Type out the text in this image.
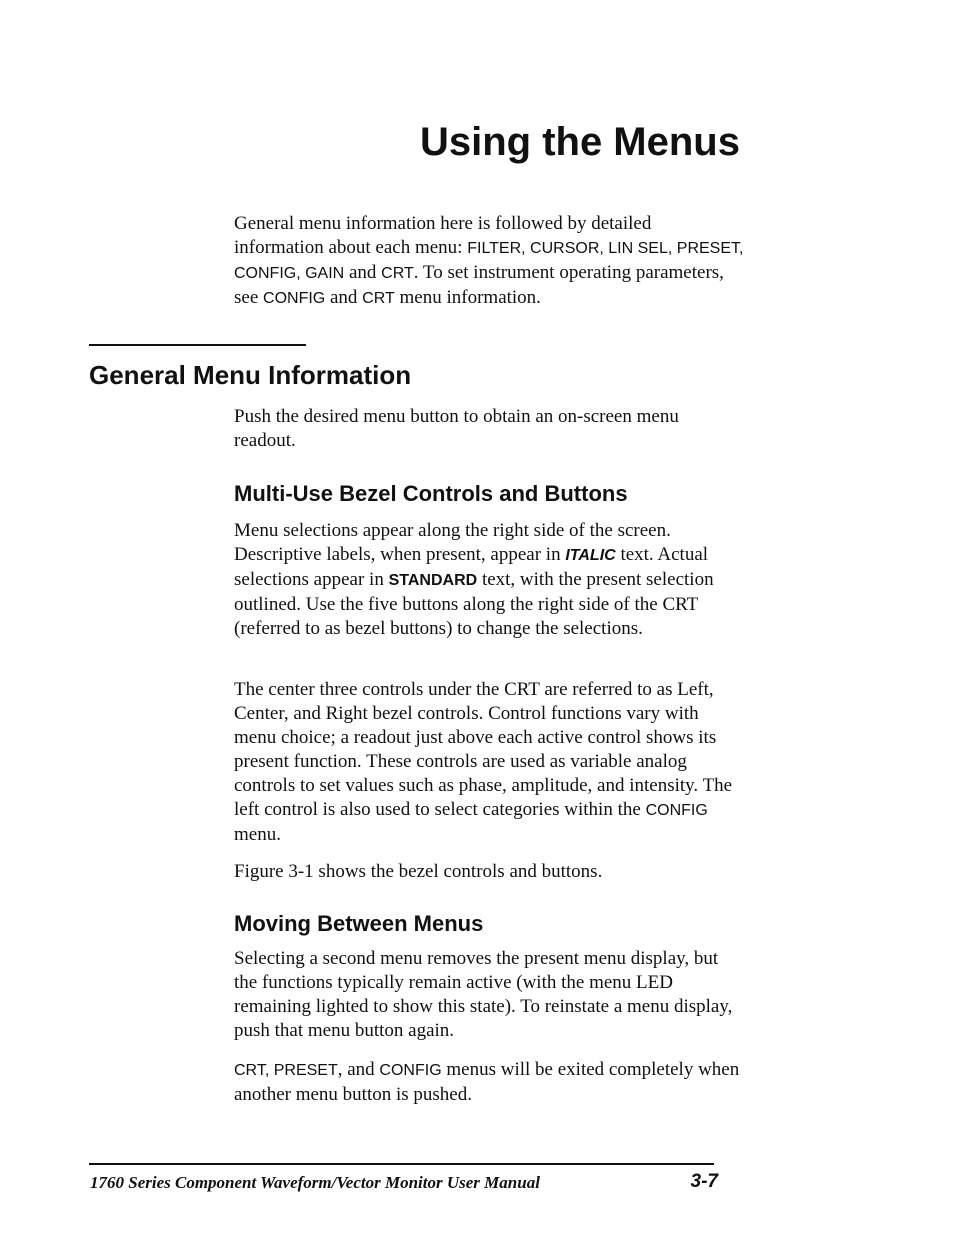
Using the Menus

General menu information here is followed by detailed information about each menu: FILTER, CURSOR, LIN SEL, PRESET, CONFIG, GAIN and CRT. To set instrument operating parameters, see CONFIG and CRT menu information.

General Menu Information

Push the desired menu button to obtain an on-screen menu readout.

Multi-Use Bezel Controls and Buttons

Menu selections appear along the right side of the screen. Descriptive labels, when present, appear in ITALIC text. Actual selections appear in STANDARD text, with the present selection outlined. Use the five buttons along the right side of the CRT (referred to as bezel buttons) to change the selections.

The center three controls under the CRT are referred to as Left, Center, and Right bezel controls. Control functions vary with menu choice; a readout just above each active control shows its present function. These controls are used as variable analog controls to set values such as phase, amplitude, and intensity. The left control is also used to select categories within the CONFIG menu.

Figure 3-1 shows the bezel controls and buttons.

Moving Between Menus

Selecting a second menu removes the present menu display, but the functions typically remain active (with the menu LED remaining lighted to show this state). To reinstate a menu display, push that menu button again.

CRT, PRESET, and CONFIG menus will be exited completely when another menu button is pushed.

1760 Series Component Waveform/Vector Monitor User Manual	3-7
